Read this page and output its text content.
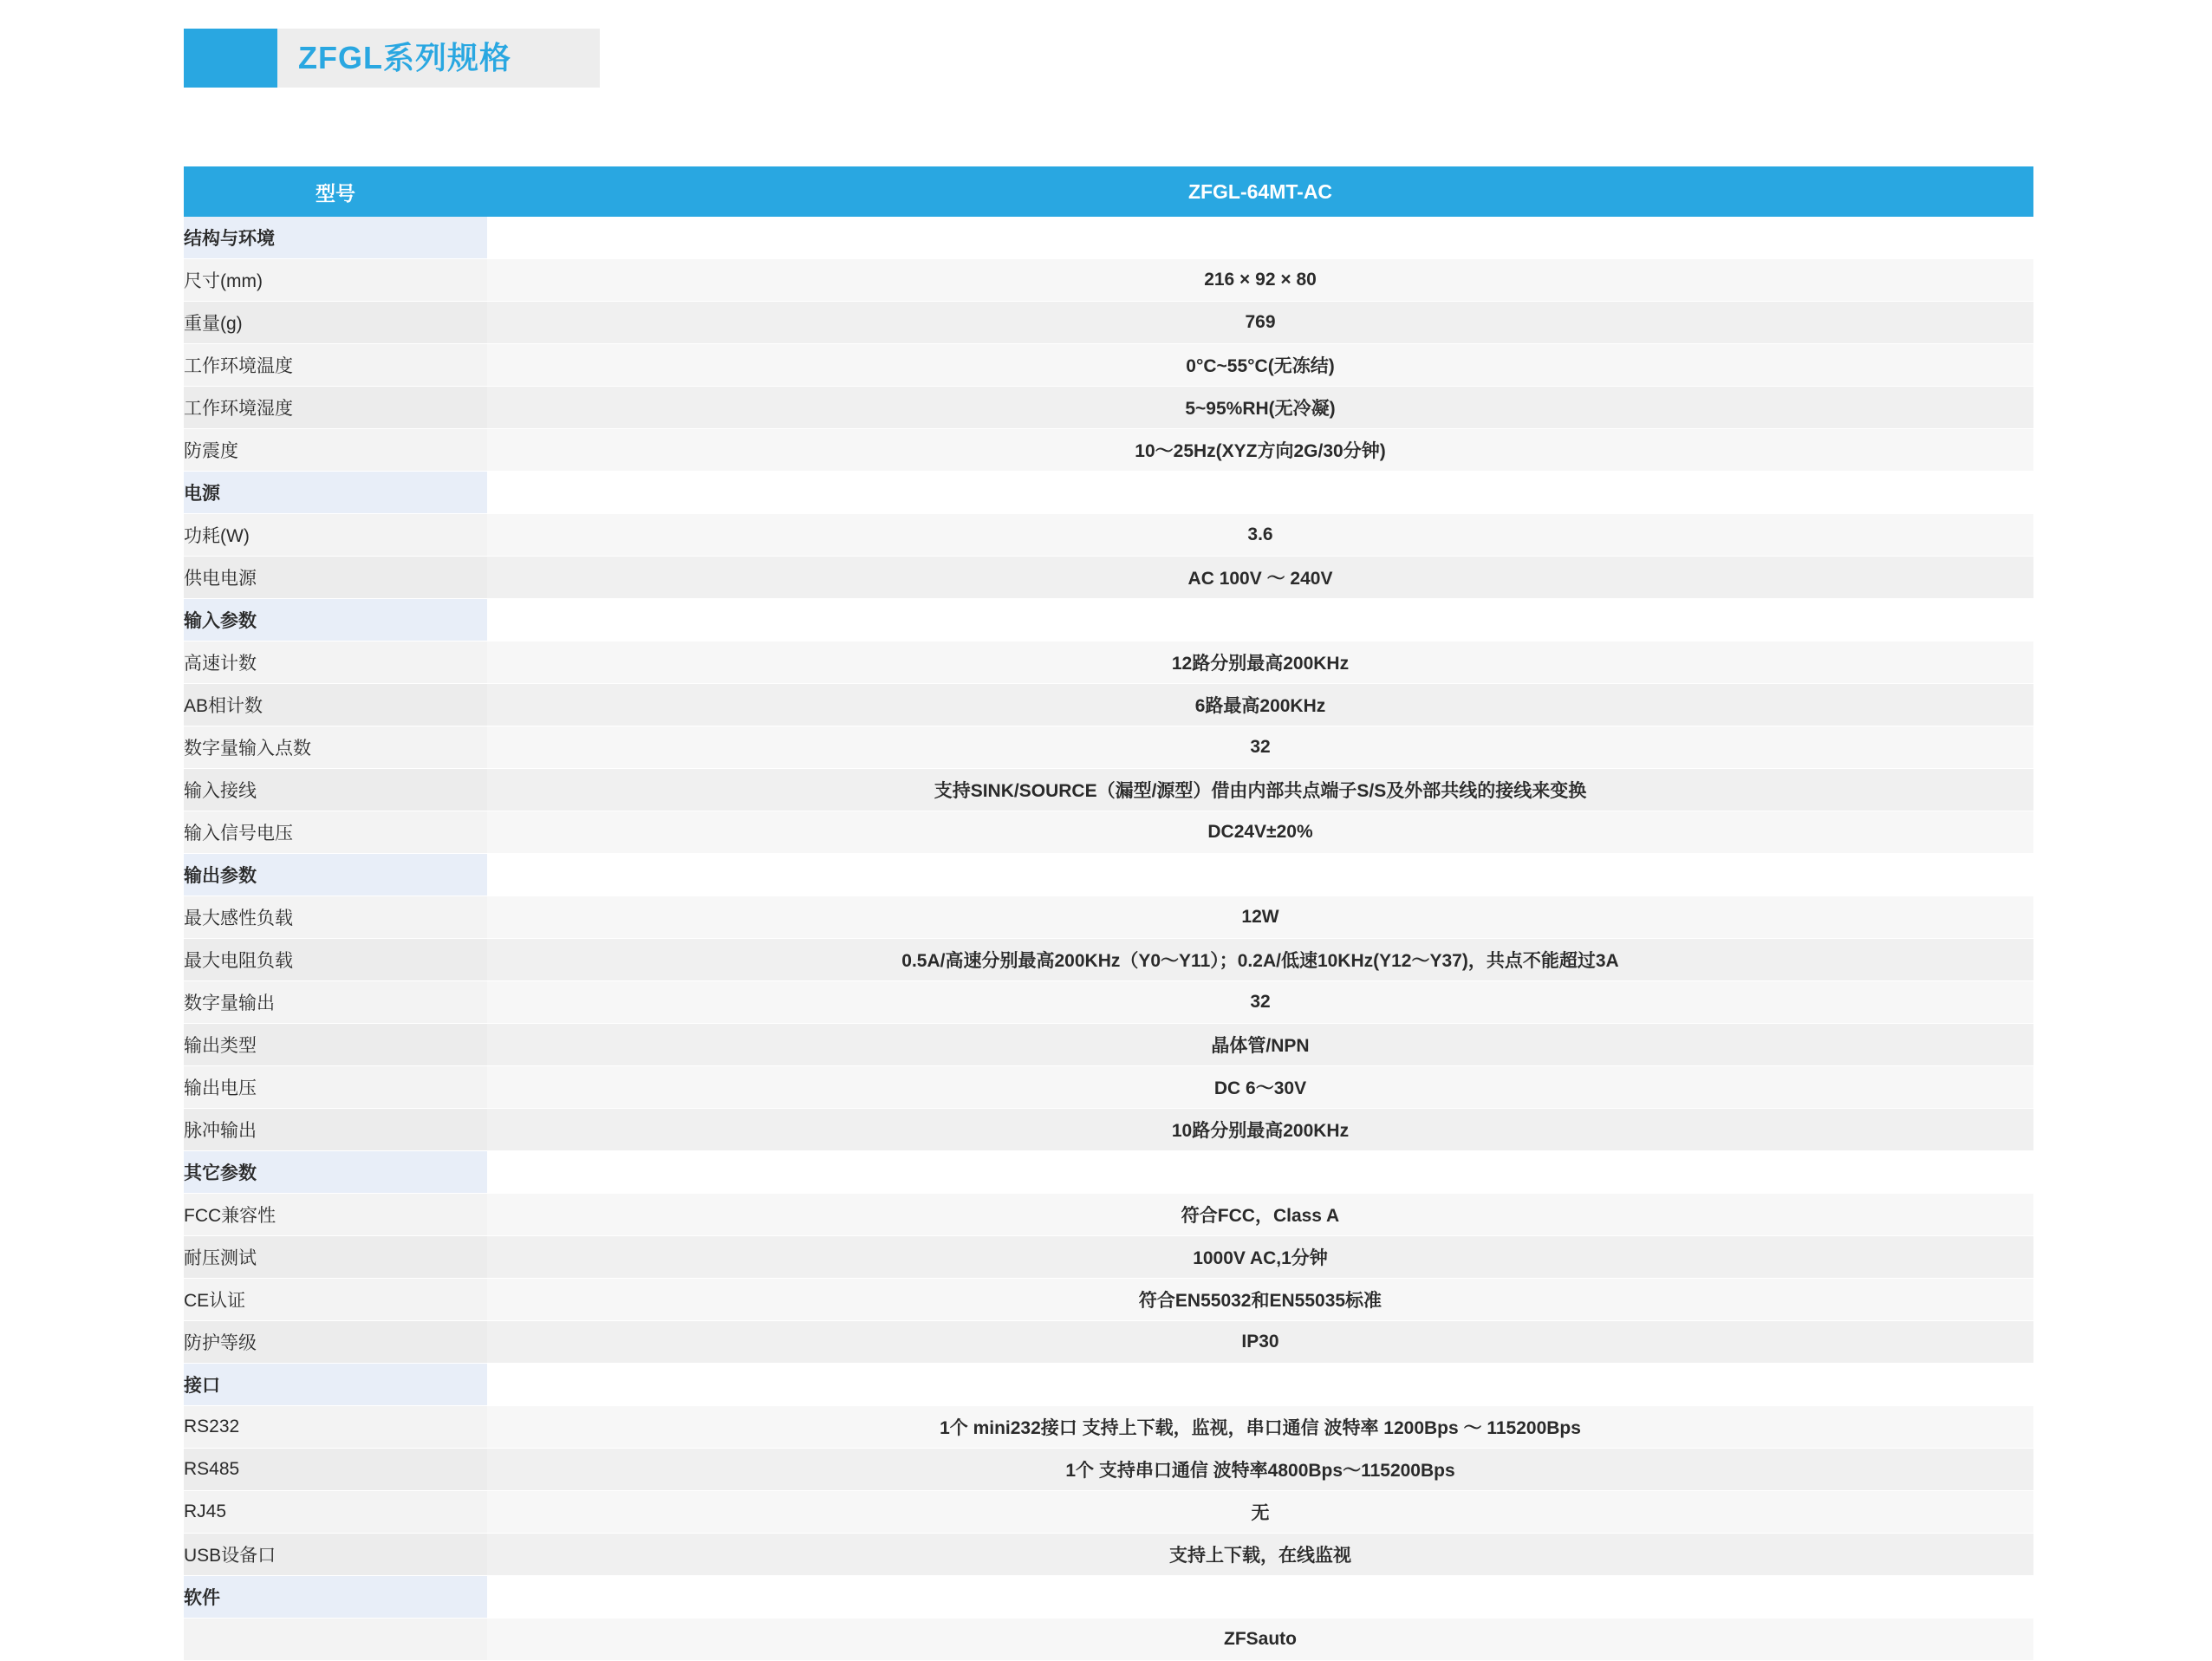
ZFGL系列规格
型号	ZFGL-64MT-AC
结构与环境	
尺寸(mm)	216 × 92 × 80
重量(g)	769
工作环境温度	0°C~55°C(无冻结)
工作环境湿度	5~95%RH(无冷凝)
防震度	10～25Hz(XYZ方向2G/30分钟)
电源	
功耗(W)	3.6
供电电源	AC 100V ～ 240V
输入参数	
高速计数	12路分别最高200KHz
AB相计数	6路最高200KHz
数字量输入点数	32
输入接线	支持SINK/SOURCE（漏型/源型）借由内部共点端子S/S及外部共线的接线来变换
输入信号电压	DC24V±20%
输出参数	
最大感性负载	12W
最大电阻负载	0.5A/高速分别最高200KHz（Y0～Y11）；0.2A/低速10KHz(Y12～Y37)，共点不能超过3A
数字量输出	32
输出类型	晶体管/NPN
输出电压	DC 6～30V
脉冲输出	10路分别最高200KHz
其它参数	
FCC兼容性	符合FCC，Class A
耐压测试	1000V AC,1分钟
CE认证	符合EN55032和EN55035标准
防护等级	IP30
接口	
RS232	1个 mini232接口 支持上下载，监视，串口通信 波特率 1200Bps ～ 115200Bps
RS485	1个 支持串口通信 波特率4800Bps～115200Bps
RJ45	无
USB设备口	支持上下载，在线监视
软件	
	ZFSauto
